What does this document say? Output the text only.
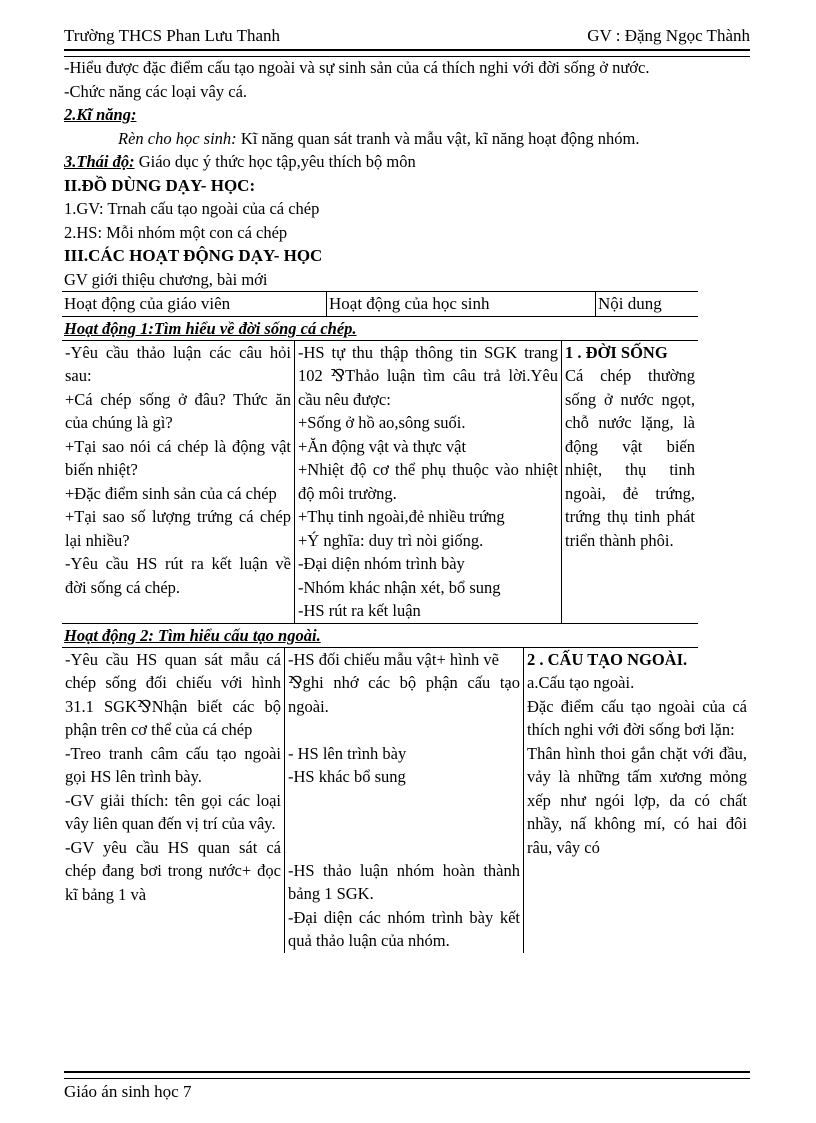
Trường THCS Phan Lưu Thanh	GV : Đặng Ngọc Thành

-Hiểu được đặc điểm cấu tạo ngoài và sự sinh sản của cá thích nghi với đời sống ở nước.

-Chức năng các loại vây cá.

2.Kĩ năng:

Rèn cho học sinh: Kĩ năng quan sát tranh và mẫu vật, kĩ năng hoạt động nhóm.

3.Thái độ: Giáo dục ý thức học tập,yêu thích bộ môn

II.ĐỒ DÙNG DẠY- HỌC:

1.GV: Trnah cấu tạo ngoài của cá chép

2.HS: Mỗi nhóm một con cá chép

III.CÁC HOẠT ĐỘNG DẠY- HỌC

GV giới thiệu chương, bài mới

Hoạt động của giáo viên	Hoạt động của học sinh	Nội dung
Hoạt động 1:Tìm hiểu về đời sống cá chép.
-Yêu cầu thảo luận các câu hỏi sau:
+Cá chép sống ở đâu? Thức ăn của chúng là gì?
+Tại sao nói cá chép là động vật biến nhiệt?
+Đặc điểm sinh sản của cá chép
+Tại sao số lượng trứng cá chép lại nhiều?
-Yêu cầu HS rút ra kết luận về đời sống cá chép.

-HS tự thu thập thông tin SGK trang 102 ⅋Thảo luận tìm câu trả lời.Yêu cầu nêu được:
+Sống ở hồ ao,sông suối.
+Ăn động vật và thực vật
+Nhiệt độ cơ thể phụ thuộc vào nhiệt độ môi trường.
+Thụ tinh ngoài,đẻ nhiều trứng
+Ý nghĩa: duy trì nòi giống.
-Đại diện nhóm trình bày
-Nhóm khác nhận xét, bổ sung
-HS rút ra kết luận

1 . ĐỜI SỐNG
Cá chép thường sống ở nước ngọt, chỗ nước lặng, là động vật biến nhiệt, thụ tinh ngoài, đẻ trứng, trứng thụ tinh phát triển thành phôi.
Hoạt động 2: Tìm hiểu cấu tạo ngoài.
-Yêu cầu HS quan sát mẫu cá chép sống đối chiếu với hình 31.1 SGK⅋Nhận biết các bộ phận trên cơ thể của cá chép
-Treo tranh câm cấu tạo ngoài gọi HS lên trình bày.
-GV giải thích: tên gọi các loại vây liên quan đến vị trí của vây.
-GV yêu cầu HS quan sát cá chép đang bơi trong nước+ đọc kĩ bảng 1 và

-HS đối chiếu mẫu vật+ hình vẽ
⅋ghi nhớ các bộ phận cấu tạo ngoài.
- HS lên trình bày
-HS khác bổ sung
-HS thảo luận nhóm hoàn thành bảng 1 SGK.
-Đại diện các nhóm trình bày kết quả thảo luận của nhóm.

2 . CẤU TẠO NGOÀI.
a.Cấu tạo ngoài.
Đặc điểm cấu tạo ngoài của cá thích nghi với đời sống bơi lặn:
Thân hình thoi gắn chặt với đầu, vảy là những tấm xương mỏng xếp như ngói lợp, da có chất nhầy, nấ không mí, có hai đôi râu, vây có
Giáo án sinh học 7
